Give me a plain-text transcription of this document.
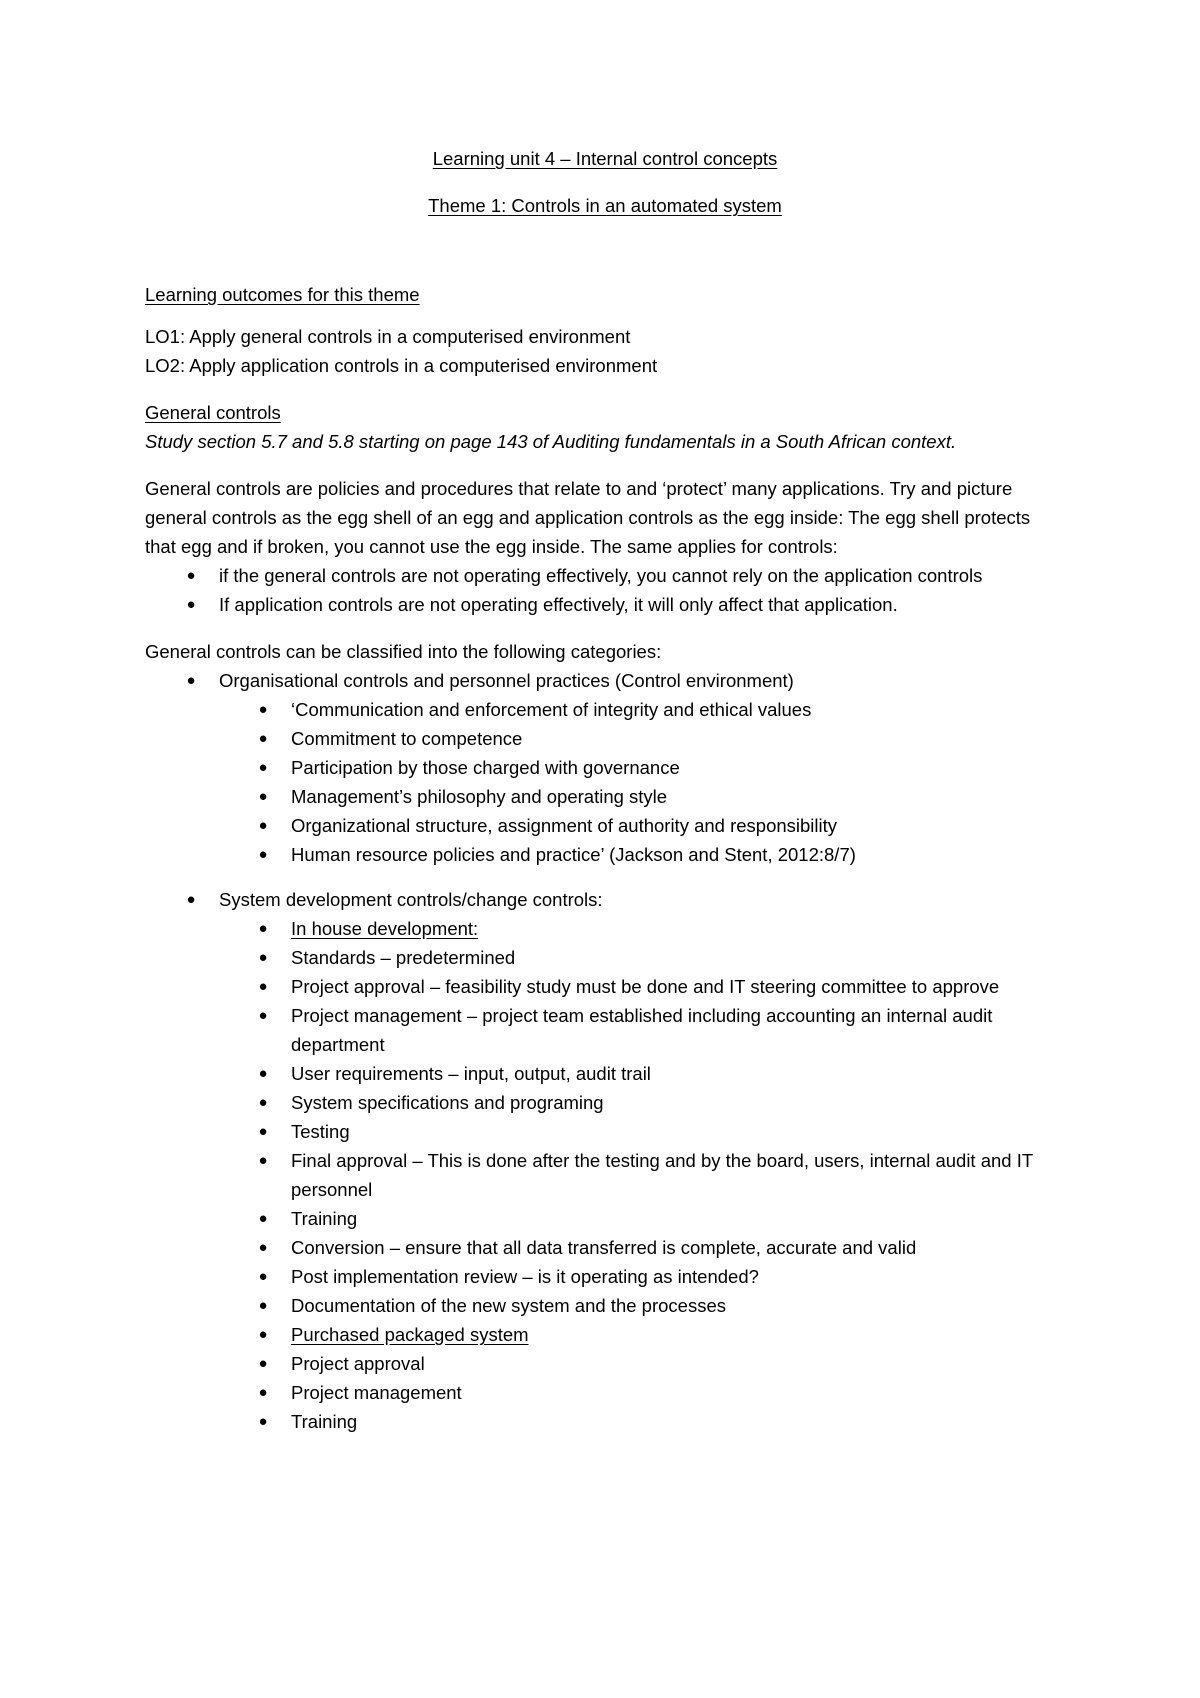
Learning unit 4 – Internal control concepts

Theme 1: Controls in an automated system

Learning outcomes for this theme

LO1: Apply general controls in a computerised environment

LO2: Apply application controls in a computerised environment

General controls

Study section 5.7 and 5.8 starting on page 143 of Auditing fundamentals in a South African context.

General controls are policies and procedures that relate to and ‘protect’ many applications. Try and picture general controls as the egg shell of an egg and application controls as the egg inside: The egg shell protects that egg and if broken, you cannot use the egg inside. The same applies for controls:

● if the general controls are not operating effectively, you cannot rely on the application controls
● If application controls are not operating effectively, it will only affect that application.

General controls can be classified into the following categories:

● Organisational controls and personnel practices (Control environment)
● ‘Communication and enforcement of integrity and ethical values
● Commitment to competence
● Participation by those charged with governance
● Management’s philosophy and operating style
● Organizational structure, assignment of authority and responsibility
● Human resource policies and practice’ (Jackson and Stent, 2012:8/7)
● System development controls/change controls:
● In house development:
● Standards – predetermined
● Project approval – feasibility study must be done and IT steering committee to approve
● Project management – project team established including accounting an internal audit department
● User requirements – input, output, audit trail
● System specifications and programing
● Testing
● Final approval – This is done after the testing and by the board, users, internal audit and IT personnel
● Training
● Conversion – ensure that all data transferred is complete, accurate and valid
● Post implementation review – is it operating as intended?
● Documentation of the new system and the processes
● Purchased packaged system
● Project approval
● Project management
● Training
